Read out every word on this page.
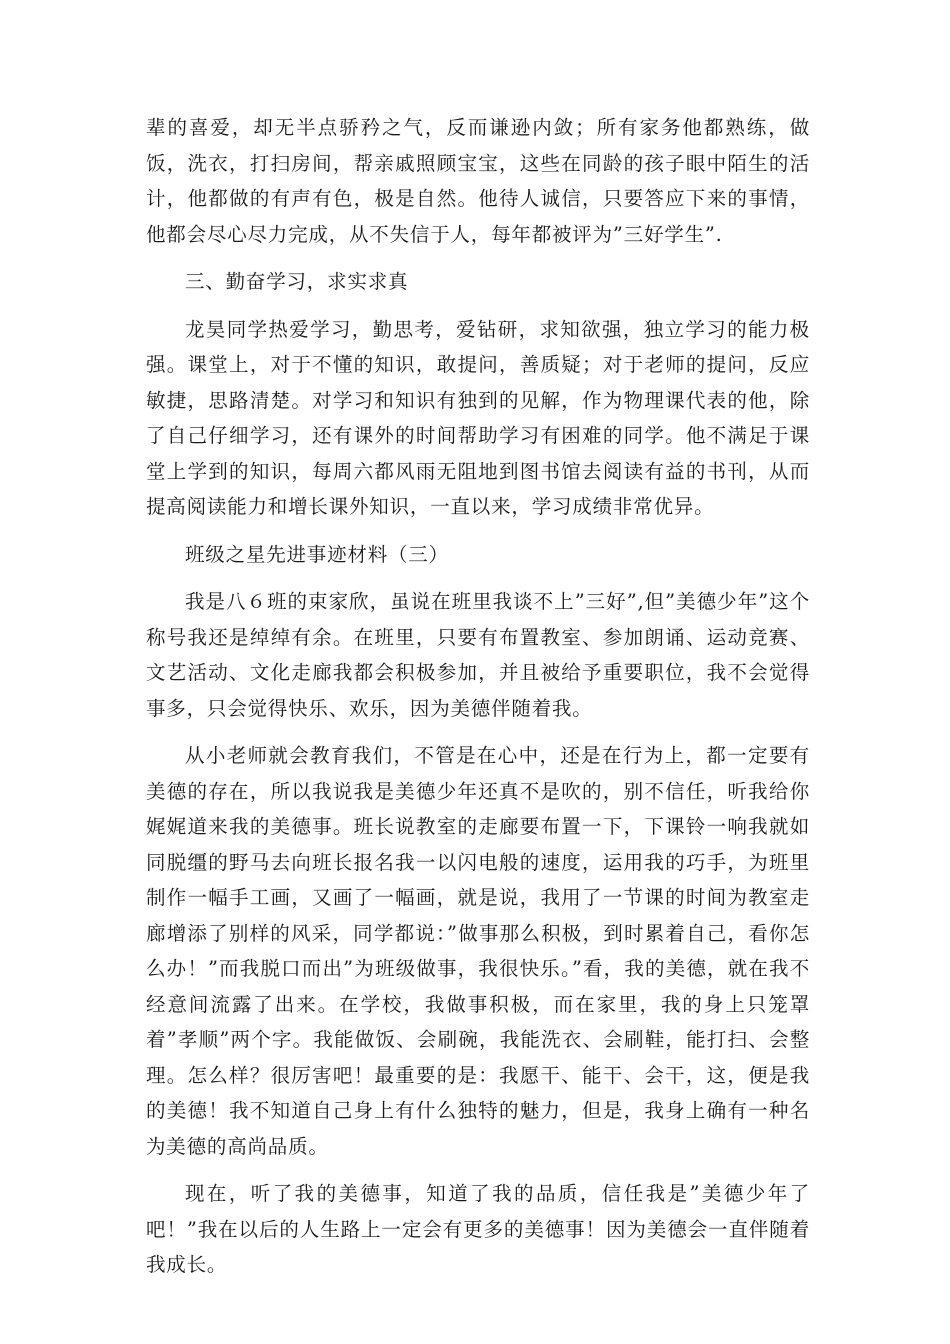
辈的喜爱，却无半点骄矜之气，反而谦逊内敛；所有家务他都熟练，做饭，洗衣，打扫房间，帮亲戚照顾宝宝，这些在同龄的孩子眼中陌生的活计，他都做的有声有色，极是自然。他待人诚信，只要答应下来的事情，他都会尽心尽力完成，从不失信于人，每年都被评为”三好学生”.

三、勤奋学习，求实求真

龙昊同学热爱学习，勤思考，爱钻研，求知欲强，独立学习的能力极强。课堂上，对于不懂的知识，敢提问，善质疑；对于老师的提问，反应敏捷，思路清楚。对学习和知识有独到的见解，作为物理课代表的他，除了自己仔细学习，还有课外的时间帮助学习有困难的同学。他不满足于课堂上学到的知识，每周六都风雨无阻地到图书馆去阅读有益的书刊，从而提高阅读能力和增长课外知识，一直以来，学习成绩非常优异。

班级之星先进事迹材料（三）

我是八６班的束家欣，虽说在班里我谈不上”三好”,但”美德少年”这个称号我还是绰绰有余。在班里，只要有布置教室、参加朗诵、运动竞赛、文艺活动、文化走廊我都会积极参加，并且被给予重要职位，我不会觉得事多，只会觉得快乐、欢乐，因为美德伴随着我。

从小老师就会教育我们，不管是在心中，还是在行为上，都一定要有美德的存在，所以我说我是美德少年还真不是吹的，别不信任，听我给你娓娓道来我的美德事。班长说教室的走廊要布置一下，下课铃一响我就如同脱缰的野马去向班长报名我一以闪电般的速度，运用我的巧手，为班里制作一幅手工画，又画了一幅画，就是说，我用了一节课的时间为教室走廊增添了别样的风采，同学都说：”做事那么积极，到时累着自己，看你怎么办！”而我脱口而出”为班级做事，我很快乐。”看，我的美德，就在我不经意间流露了出来。在学校，我做事积极，而在家里，我的身上只笼罩着”孝顺”两个字。我能做饭、会刷碗，我能洗衣、会刷鞋，能打扫、会整理。怎么样？很厉害吧！最重要的是：我愿干、能干、会干，这，便是我的美德！我不知道自己身上有什么独特的魅力，但是，我身上确有一种名为美德的高尚品质。

现在，听了我的美德事，知道了我的品质，信任我是”美德少年了吧！”我在以后的人生路上一定会有更多的美德事！因为美德会一直伴随着我成长。
